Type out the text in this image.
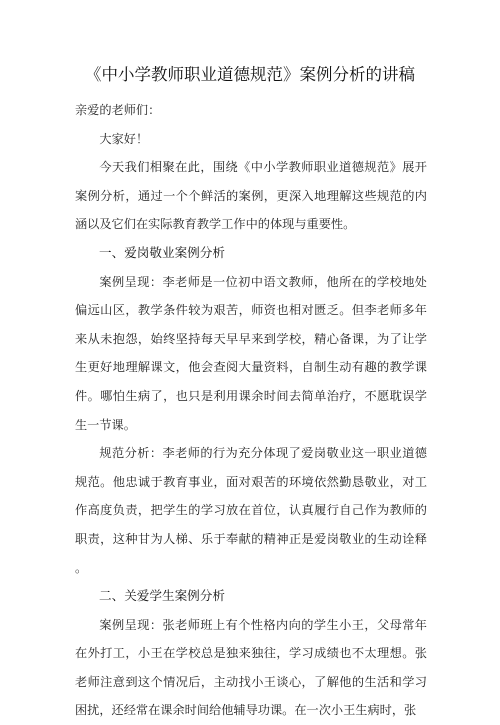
《中小学教师职业道德规范》案例分析的讲稿

亲爱的老师们：

大家好！

今天我们相聚在此，围绕《中小学教师职业道德规范》展开案例分析，通过一个个鲜活的案例，更深入地理解这些规范的内涵以及它们在实际教育教学工作中的体现与重要性。

一、爱岗敬业案例分析

案例呈现：李老师是一位初中语文教师，他所在的学校地处偏远山区，教学条件较为艰苦，师资也相对匮乏。但李老师多年来从未抱怨，始终坚持每天早早来到学校，精心备课，为了让学生更好地理解课文，他会查阅大量资料，自制生动有趣的教学课件。哪怕生病了，也只是利用课余时间去简单治疗，不愿耽误学生一节课。

规范分析：李老师的行为充分体现了爱岗敬业这一职业道德规范。他忠诚于教育事业，面对艰苦的环境依然勤恳敬业，对工作高度负责，把学生的学习放在首位，认真履行自己作为教师的职责，这种甘为人梯、乐于奉献的精神正是爱岗敬业的生动诠释。

二、关爱学生案例分析

案例呈现：张老师班上有个性格内向的学生小王，父母常年在外打工，小王在学校总是独来独往，学习成绩也不太理想。张老师注意到这个情况后，主动找小王谈心，了解他的生活和学习困扰，还经常在课余时间给他辅导功课。在一次小王生病时，张
